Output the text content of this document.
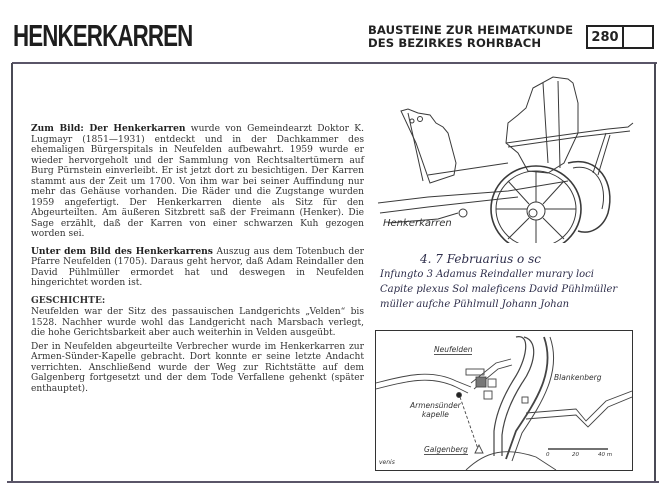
HENKERKARREN	BAUSTEINE ZUR HEIMATKUNDE
DES BEZIRKES ROHRBACH	280

Zum Bild: Der Henkerkarren wurde von Gemeindearzt Doktor K. Lugmayr (1851—1931) entdeckt und in der Dachkammer des ehemaligen Bürgerspitals in Neufelden aufbewahrt. 1959 wurde er wieder hervorgeholt und der Sammlung von Rechtsaltertümern auf Burg Pürnstein einverleibt. Er ist jetzt dort zu besichtigen. Der Karren stammt aus der Zeit um 1700. Von ihm war bei seiner Auffindung nur mehr das Gehäuse vorhanden. Die Räder und die Zugstange wurden 1959 angefertigt. Der Henkerkarren diente als Sitz für den Abgeurteilten. Am äußeren Sitzbrett saß der Freimann (Henker). Die Sage erzählt, daß der Karren von einer schwarzen Kuh gezogen worden sei.

Unter dem Bild des Henkerkarrens Auszug aus dem Totenbuch der Pfarre Neufelden (1705). Daraus geht hervor, daß Adam Reindaller den David Pühlmüller ermordet hat und deswegen in Neufelden hingerichtet worden ist.

GESCHICHTE:

Neufelden war der Sitz des passauischen Landgerichts „Velden“ bis 1528. Nachher wurde wohl das Landgericht nach Marsbach verlegt, die hohe Gerichtsbarkeit aber auch weiterhin in Velden ausgeübt.

Der in Neufelden abgeurteilte Verbrecher wurde im Henkerkarren zur Armen-Sünder-Kapelle gebracht. Dort konnte er seine letzte Andacht verrichten. Anschließend wurde der Weg zur Richtstätte auf dem Galgenberg fortgesetzt und der dem Tode Verfallene gehenkt (später enthauptet).

Henkerkarren
4. 7 Februarius o sc
Infungto 3 Adamus Reindaller murary loci
Capite plexus Sol maleficens David Pühlmüller
müller aufche Pühlmull Johann Johan
Neufelden
Blankenberg
Armensünder
kapelle
Galgenberg
venis
0	20	40 m
